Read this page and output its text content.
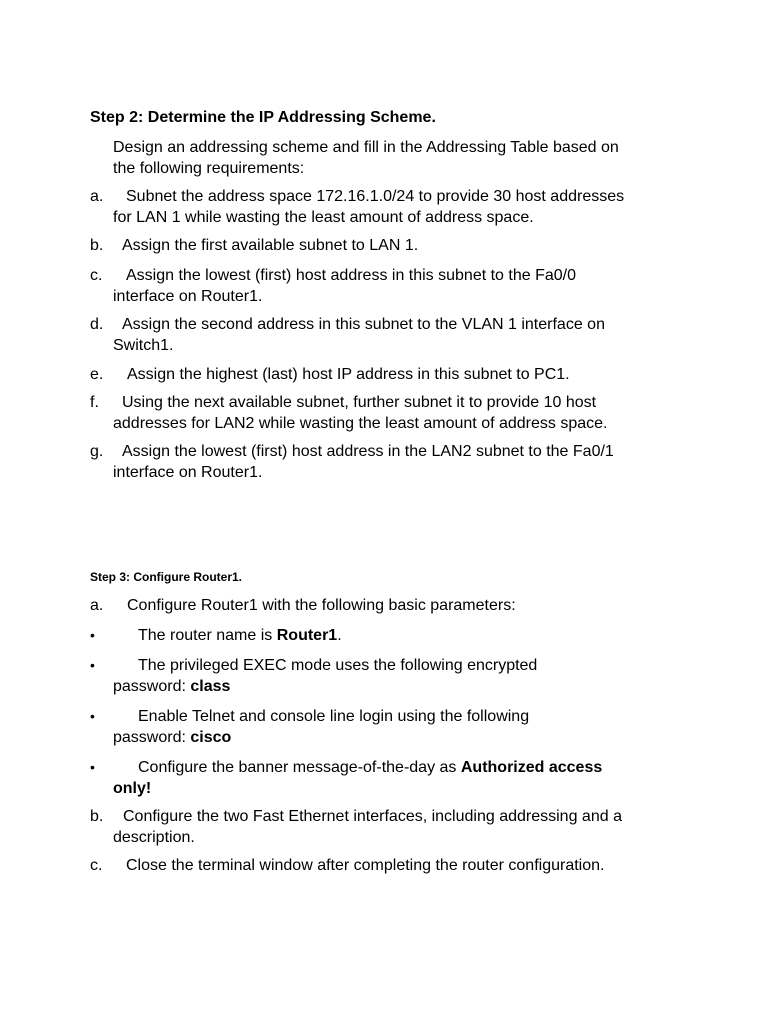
Step 2: Determine the IP Addressing Scheme.
Design an addressing scheme and fill in the Addressing Table based on
the following requirements:
a.	Subnet the address space 172.16.1.0/24 to provide 30 host addresses
for LAN 1 while wasting the least amount of address space.
b.	Assign the first available subnet to LAN 1.
c.	Assign the lowest (first) host address in this subnet to the Fa0/0
interface on Router1.
d.	Assign the second address in this subnet to the VLAN 1 interface on
Switch1.
e.	Assign the highest (last) host IP address in this subnet to PC1.
f.	Using the next available subnet, further subnet it to provide 10 host
addresses for LAN2 while wasting the least amount of address space.
g.	Assign the lowest (first) host address in the LAN2 subnet to the Fa0/1
interface on Router1.
Step 3: Configure Router1.
a.	Configure Router1 with the following basic parameters:
•	The router name is Router1.
•	The privileged EXEC mode uses the following encrypted
password: class
•	Enable Telnet and console line login using the following
password: cisco
•	Configure the banner message-of-the-day as Authorized access
only!
b.	Configure the two Fast Ethernet interfaces, including addressing and a
description.
c.	Close the terminal window after completing the router configuration.
